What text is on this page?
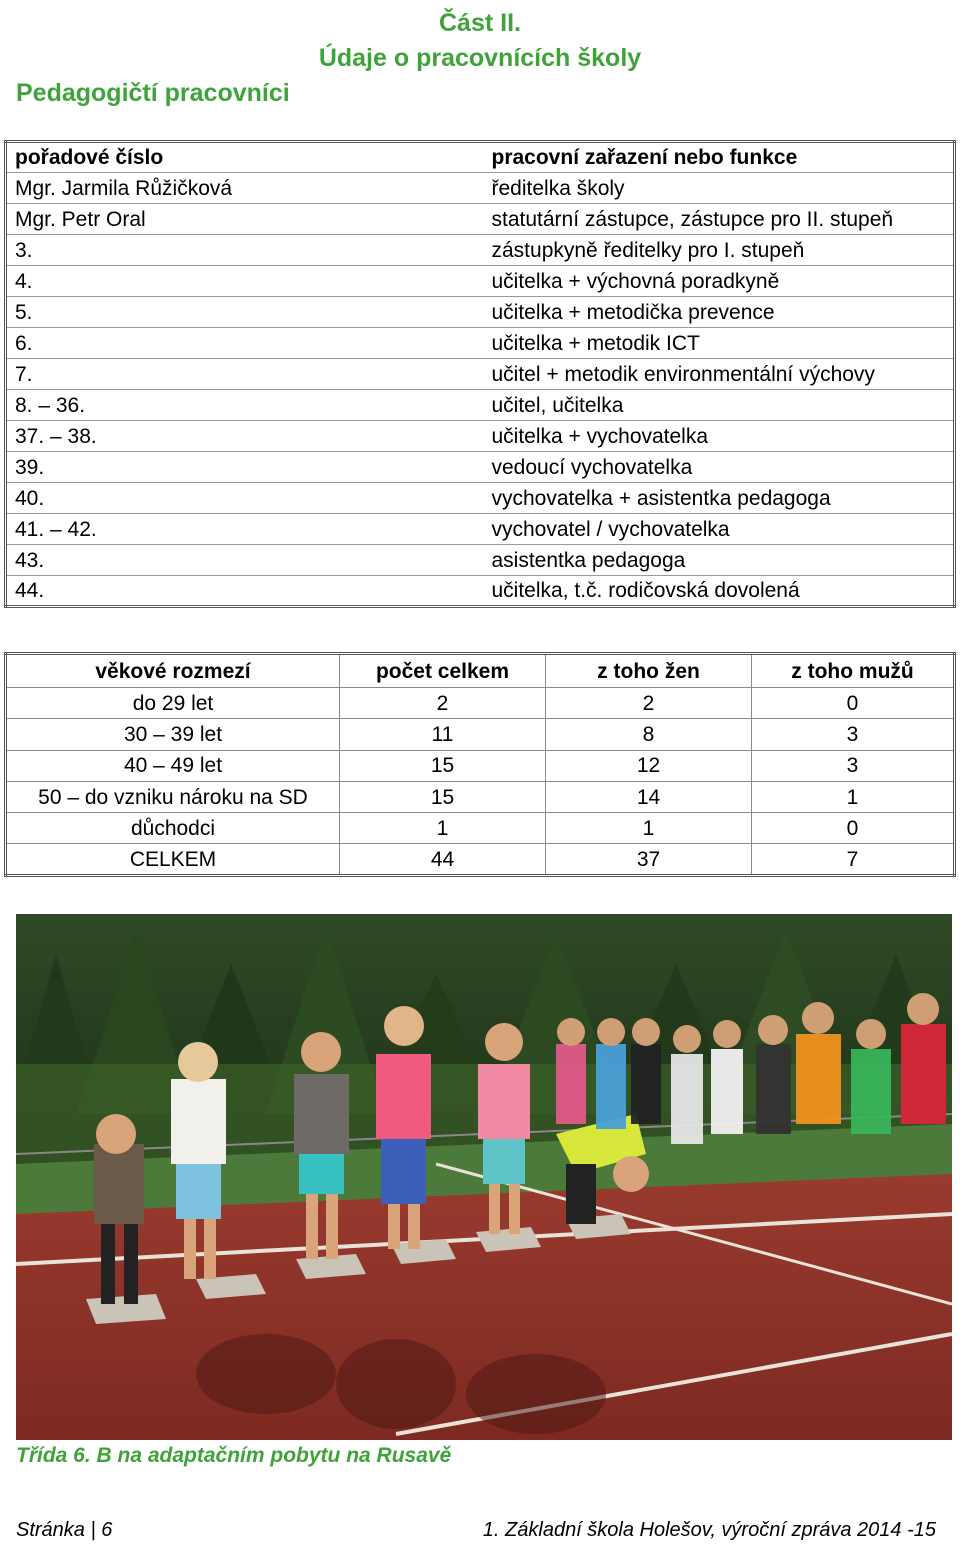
Část II.
Údaje o pracovnících školy
Pedagogičtí pracovníci
pořadové číslo	pracovní zařazení nebo funkce
Mgr. Jarmila Růžičková	ředitelka školy
Mgr. Petr Oral	statutární zástupce, zástupce pro II. stupeň
3.	zástupkyně ředitelky pro I. stupeň
4.	učitelka + výchovná poradkyně
5.	učitelka + metodička prevence
6.	učitelka + metodik ICT
7.	učitel + metodik environmentální výchovy
8. – 36.	učitel, učitelka
37. – 38.	učitelka + vychovatelka
39.	vedoucí vychovatelka
40.	vychovatelka + asistentka pedagoga
41. – 42.	vychovatel / vychovatelka
43.	asistentka pedagoga
44.	učitelka, t.č. rodičovská dovolená
věkové rozmezí	počet celkem	z toho žen	z toho mužů
do 29 let	2	2	0
30 – 39 let	11	8	3
40 – 49 let	15	12	3
50 – do vzniku nároku na SD	15	14	1
důchodci	1	1	0
CELKEM	44	37	7
Třída 6. B na adaptačním pobytu na Rusavě
Stránka | 6	1. Základní škola Holešov, výroční zpráva 2014 -15
